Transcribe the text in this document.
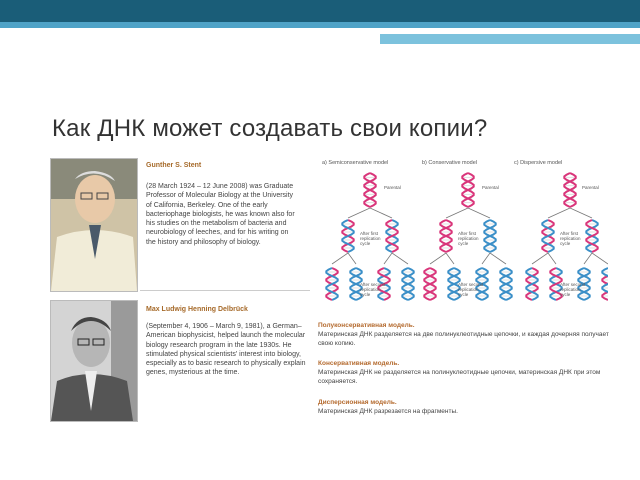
Как ДНК может создавать свои копии?
Gunther S. Stent
(28 March 1924 – 12 June 2008) was Graduate Professor of Molecular Biology at the University of California, Berkeley. One of the early bacteriophage biologists, he was known also for his studies on the metabolism of bacteria and neurobiology of leeches, and for his writing on the history and philosophy of biology.
Max Ludwig Henning Delbrück
(September 4, 1906 – March 9, 1981), a German–American biophysicist, helped launch the molecular biology research program in the late 1930s. He stimulated physical scientists' interest into biology, especially as to basic research to physically explain genes, mysterious at the time.
a) Semiconservative model	b) Conservative model	c) Dispersive model
Parental
After first replication cycle
After second replication cycle
Parental
After first replication cycle
After second replication cycle
Parental
After first replication cycle
After second replication cycle
Полуконсервативная модель.
Материнская ДНК разделяется на две полинуклеотидные цепочки, и каждая дочерняя получает свою копию.
Консервативная модель.
Материнская ДНК не разделяется на полинуклеотидные цепочки, материнская ДНК при этом сохраняется.
Дисперсионная модель.
Материнская ДНК разрезается на фрагменты.
